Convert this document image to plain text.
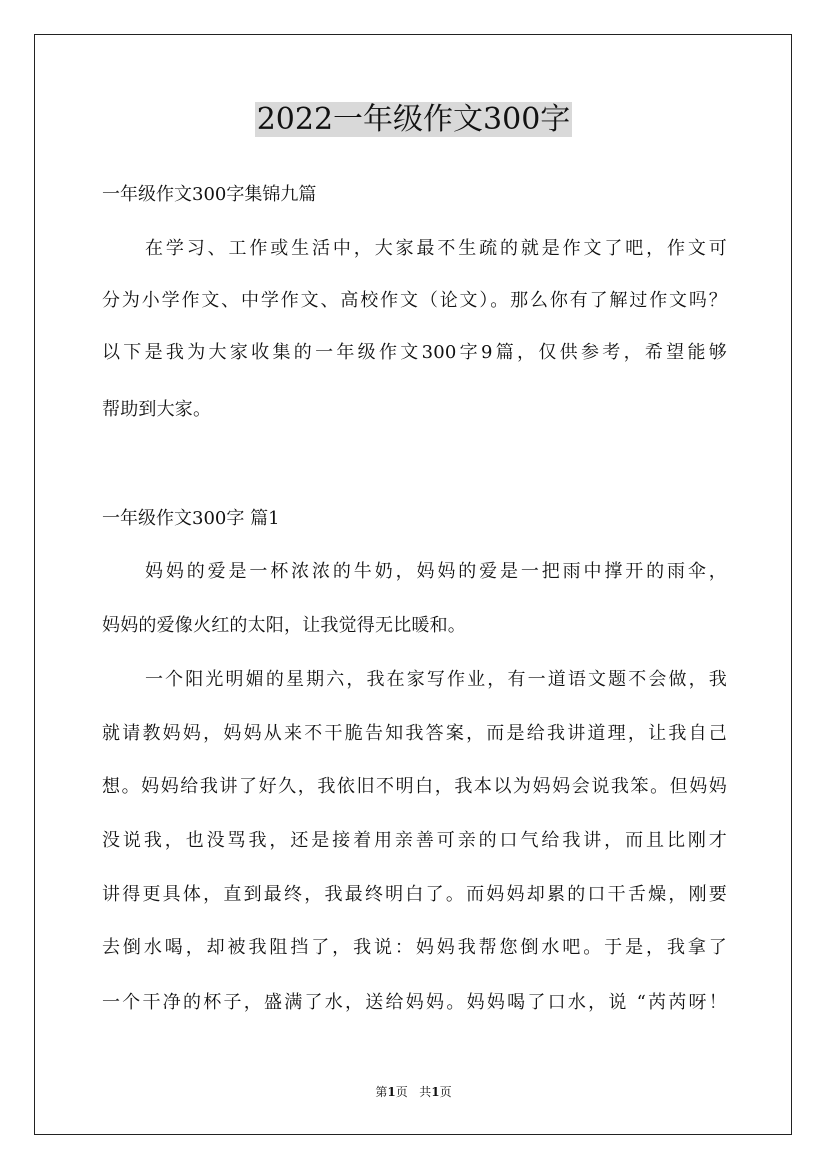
2022一年级作文300字
一年级作文300字集锦九篇
在学习、工作或生活中，大家最不生疏的就是作文了吧，作文可
分为小学作文、中学作文、高校作文（论文）。那么你有了解过作文吗？
以下是我为大家收集的一年级作文300字9篇，仅供参考，希望能够
帮助到大家。
一年级作文300字 篇1
妈妈的爱是一杯浓浓的牛奶，妈妈的爱是一把雨中撑开的雨伞，
妈妈的爱像火红的太阳，让我觉得无比暖和。
一个阳光明媚的星期六，我在家写作业，有一道语文题不会做，我
就请教妈妈，妈妈从来不干脆告知我答案，而是给我讲道理，让我自己
想。妈妈给我讲了好久，我依旧不明白，我本以为妈妈会说我笨。但妈妈
没说我，也没骂我，还是接着用亲善可亲的口气给我讲，而且比刚才
讲得更具体，直到最终，我最终明白了。而妈妈却累的口干舌燥，刚要
去倒水喝，却被我阻挡了，我说：妈妈我帮您倒水吧。于是，我拿了
一个干净的杯子，盛满了水，送给妈妈。妈妈喝了口水，说 “芮芮呀！
第1页 共1页
